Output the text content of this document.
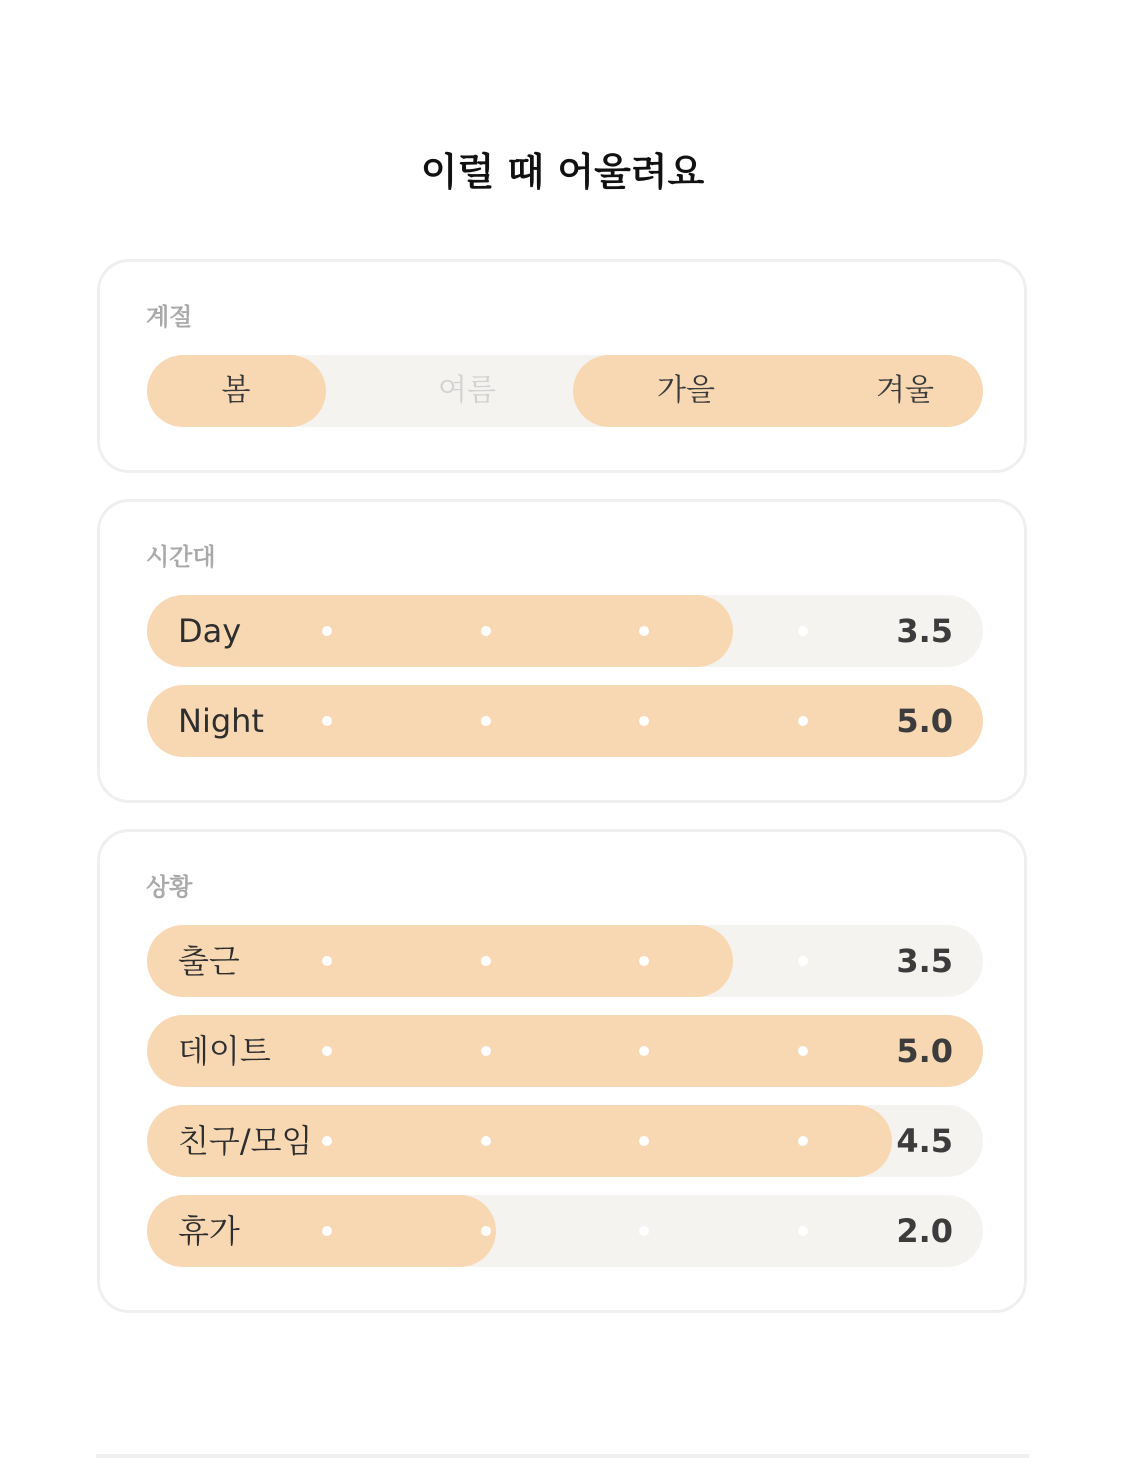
이럴 때 어울려요
계절
봄	여름	가을	겨울
시간대
Day	3.5
Night	5.0
상황
출근	3.5
데이트	5.0
친구/모임	4.5
휴가	2.0
